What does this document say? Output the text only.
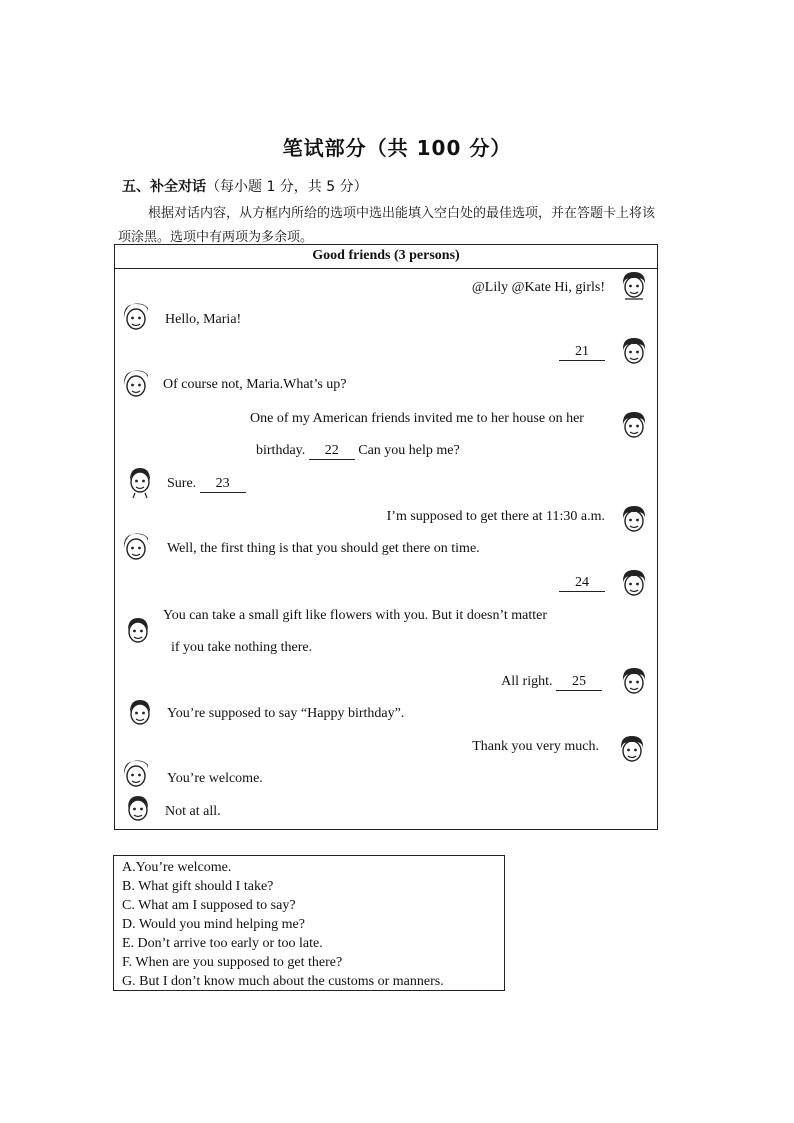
笔试部分（共 100 分）
五、补全对话（每小题 1 分，共 5 分）
根据对话内容，从方框内所给的选项中选出能填入空白处的最佳选项，并在答题卡上将该项涂黑。选项中有两项为多余项。
Good friends (3 persons)
@Lily @Kate Hi, girls!
Hello, Maria!
21
Of course not, Maria.What’s up?
One of my American friends invited me to her house on her
birthday. 22 Can you help me?
Sure. 23
I’m supposed to get there at 11:30 a.m.
Well, the first thing is that you should get there on time.
24
You can take a small gift like flowers with you. But it doesn’t matter
if you take nothing there.
All right. 25
You’re supposed to say “Happy birthday”.
Thank you very much.
You’re welcome.
Not at all.
A.You’re welcome.
B. What gift should I take?
C. What am I supposed to say?
D. Would you mind helping me?
E. Don’t arrive too early or too late.
F. When are you supposed to get there?
G. But I don’t know much about the customs or manners.
